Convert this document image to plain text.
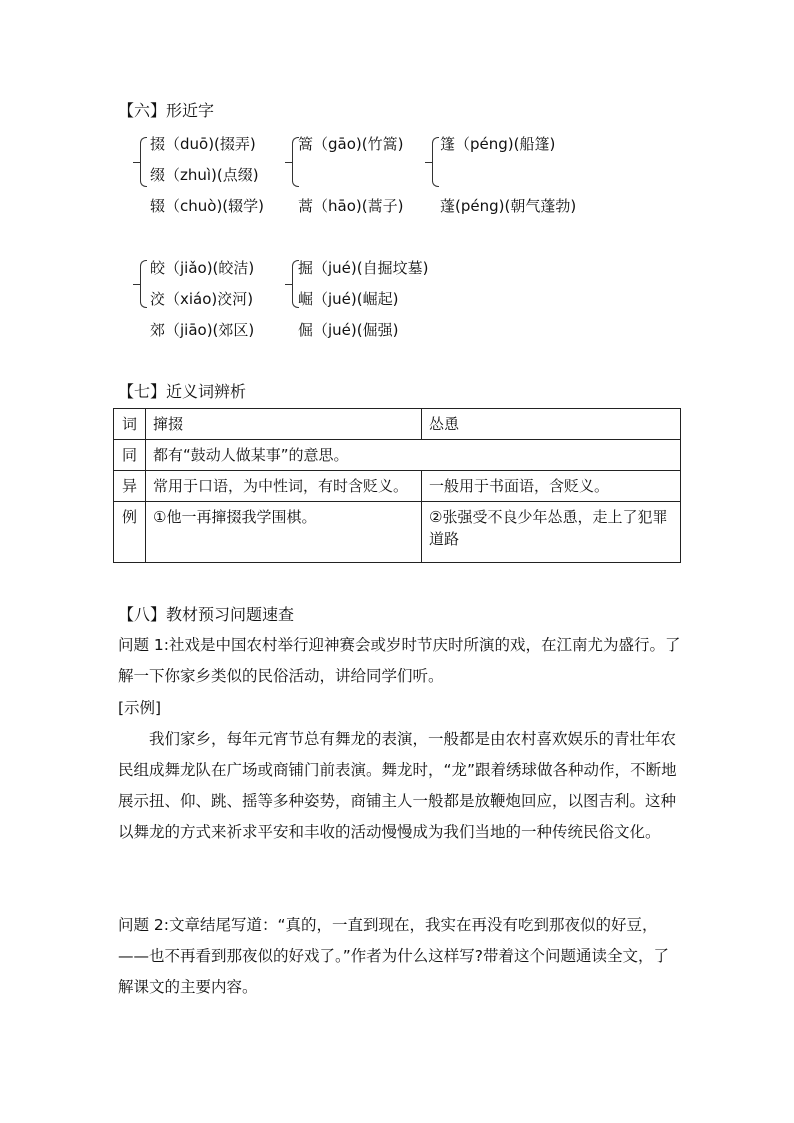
【六】形近字
掇（duō)(掇弄)
缀（zhuì)(点缀)
辍（chuò)(辍学)
篙（gāo)(竹篙)
蒿（hāo)(蒿子)
篷（péng)(船篷)
蓬(péng)(朝气蓬勃)
皎（jiǎo)(皎洁)
洨（xiáo)洨河)
郊（jiāo)(郊区)
掘（jué)(自掘坟墓)
崛（jué)(崛起)
倔（jué)(倔强)
【七】近义词辨析
词	撺掇	怂恿
同	都有“鼓动人做某事”的意思。	
异	常用于口语，为中性词，有时含贬义。	一般用于书面语，含贬义。
例	①他一再撺掇我学围棋。	②张强受不良少年怂恿，走上了犯罪道路
【八】教材预习问题速查
问题 1:社戏是中国农村举行迎神赛会或岁时节庆时所演的戏，在江南尤为盛行。了解一下你家乡类似的民俗活动，讲给同学们听。
[示例]
我们家乡，每年元宵节总有舞龙的表演，一般都是由农村喜欢娱乐的青壮年农民组成舞龙队在广场或商铺门前表演。舞龙时，“龙”跟着绣球做各种动作，不断地展示扭、仰、跳、摇等多种姿势，商铺主人一般都是放鞭炮回应，以图吉利。这种以舞龙的方式来祈求平安和丰收的活动慢慢成为我们当地的一种传统民俗文化。
问题 2:文章结尾写道：“真的，一直到现在，我实在再没有吃到那夜似的好豆，——也不再看到那夜似的好戏了。”作者为什么这样写?带着这个问题通读全文，了解课文的主要内容。
